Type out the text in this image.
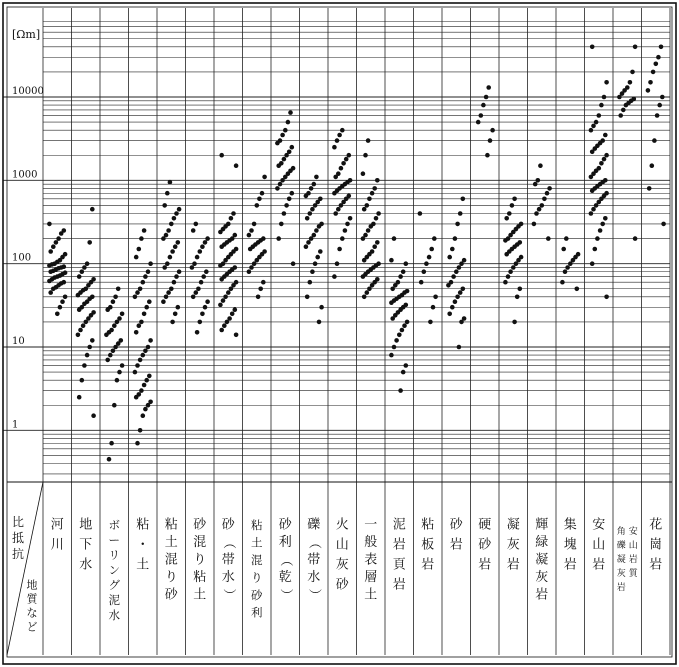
[Ωm]
1
10
100
1000
10000
比
抵
抗
地
質
な
ど
河
川
地
下
水
ボ
ー
リ
ン
グ
泥
水
粘
・
土
粘
土
混
り
砂
砂
混
り
粘
土
砂
（
帯
水
）
粘
土
混
り
砂
利
砂
利
（
乾
）
礫
（
帯
水
）
火
山
灰
砂
一
般
表
層
土
泥
岩
頁
岩
粘
板
岩
砂
岩
硬
砂
岩
凝
灰
岩
輝
緑
凝
灰
岩
集
塊
岩
安
山
岩
安
山
岩
質
角
礫
凝
灰
岩
花
崗
岩
